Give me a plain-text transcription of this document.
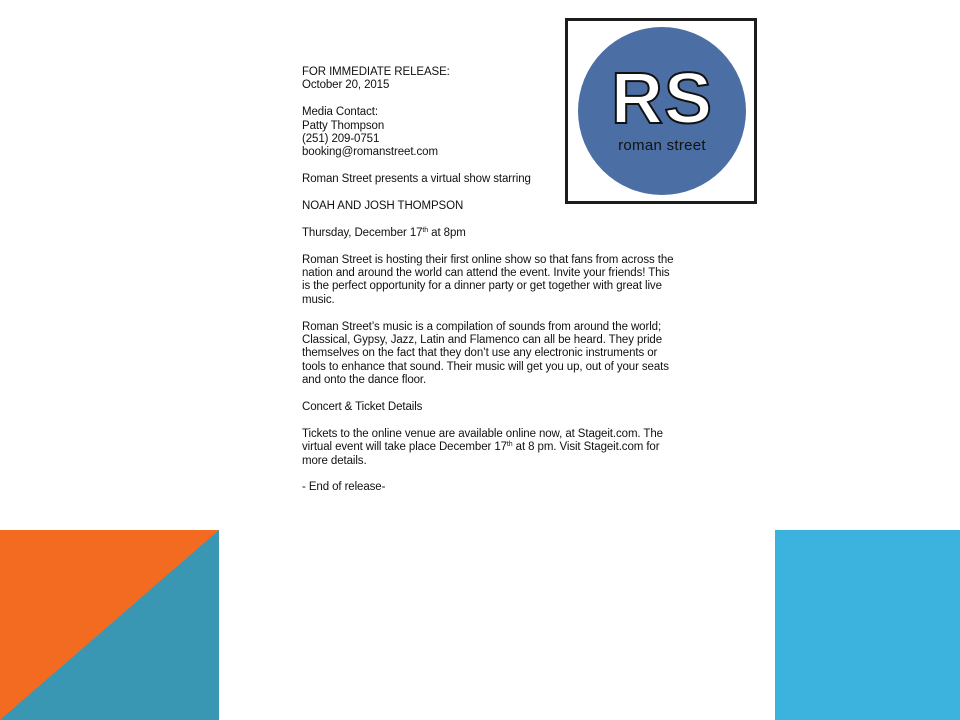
RS
roman street

FOR IMMEDIATE RELEASE:

October 20, 2015

Media Contact:

Patty Thompson

(251) 209-0751

booking@romanstreet.com

Roman Street presents a virtual show starring

NOAH AND JOSH THOMPSON

Thursday, December 17th at 8pm

Roman Street is hosting their first online show so that fans from across the

nation and around the world can attend the event. Invite your friends! This

is the perfect opportunity for a dinner party or get together with great live

music.

Roman Street’s music is a compilation of sounds from around the world;

Classical, Gypsy, Jazz, Latin and Flamenco can all be heard. They pride

themselves on the fact that they don’t use any electronic instruments or

tools to enhance that sound. Their music will get you up, out of your seats

and onto the dance floor.

Concert & Ticket Details

Tickets to the online venue are available online now, at Stageit.com. The

virtual event will take place December 17th at 8 pm. Visit Stageit.com for

more details.

- End of release-
